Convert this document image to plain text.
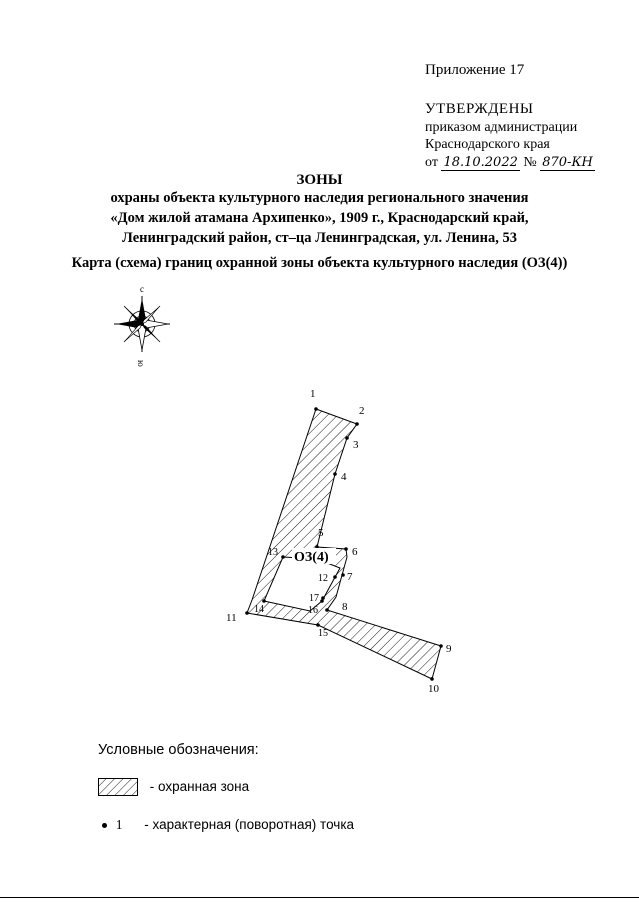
Приложение 17
УТВЕРЖДЕНЫ
приказом администрации
Краснодарского края
от 18.10.2022 № 870-КН
ЗОНЫ
охраны объекта культурного наследия регионального значения
«Дом жилой атамана Архипенко», 1909 г., Краснодарский край,
Ленинградский район, ст–ца Ленинградская, ул. Ленина, 53
Карта (схема) границ охранной зоны объекта культурного наследия (ОЗ(4))
с
ю
1
2
3
4
5
6
7
8
9
10
11
12
13
14
15
16
17
ОЗ(4)
Условные обозначения:
- охранная зона
1 - характерная (поворотная) точка
